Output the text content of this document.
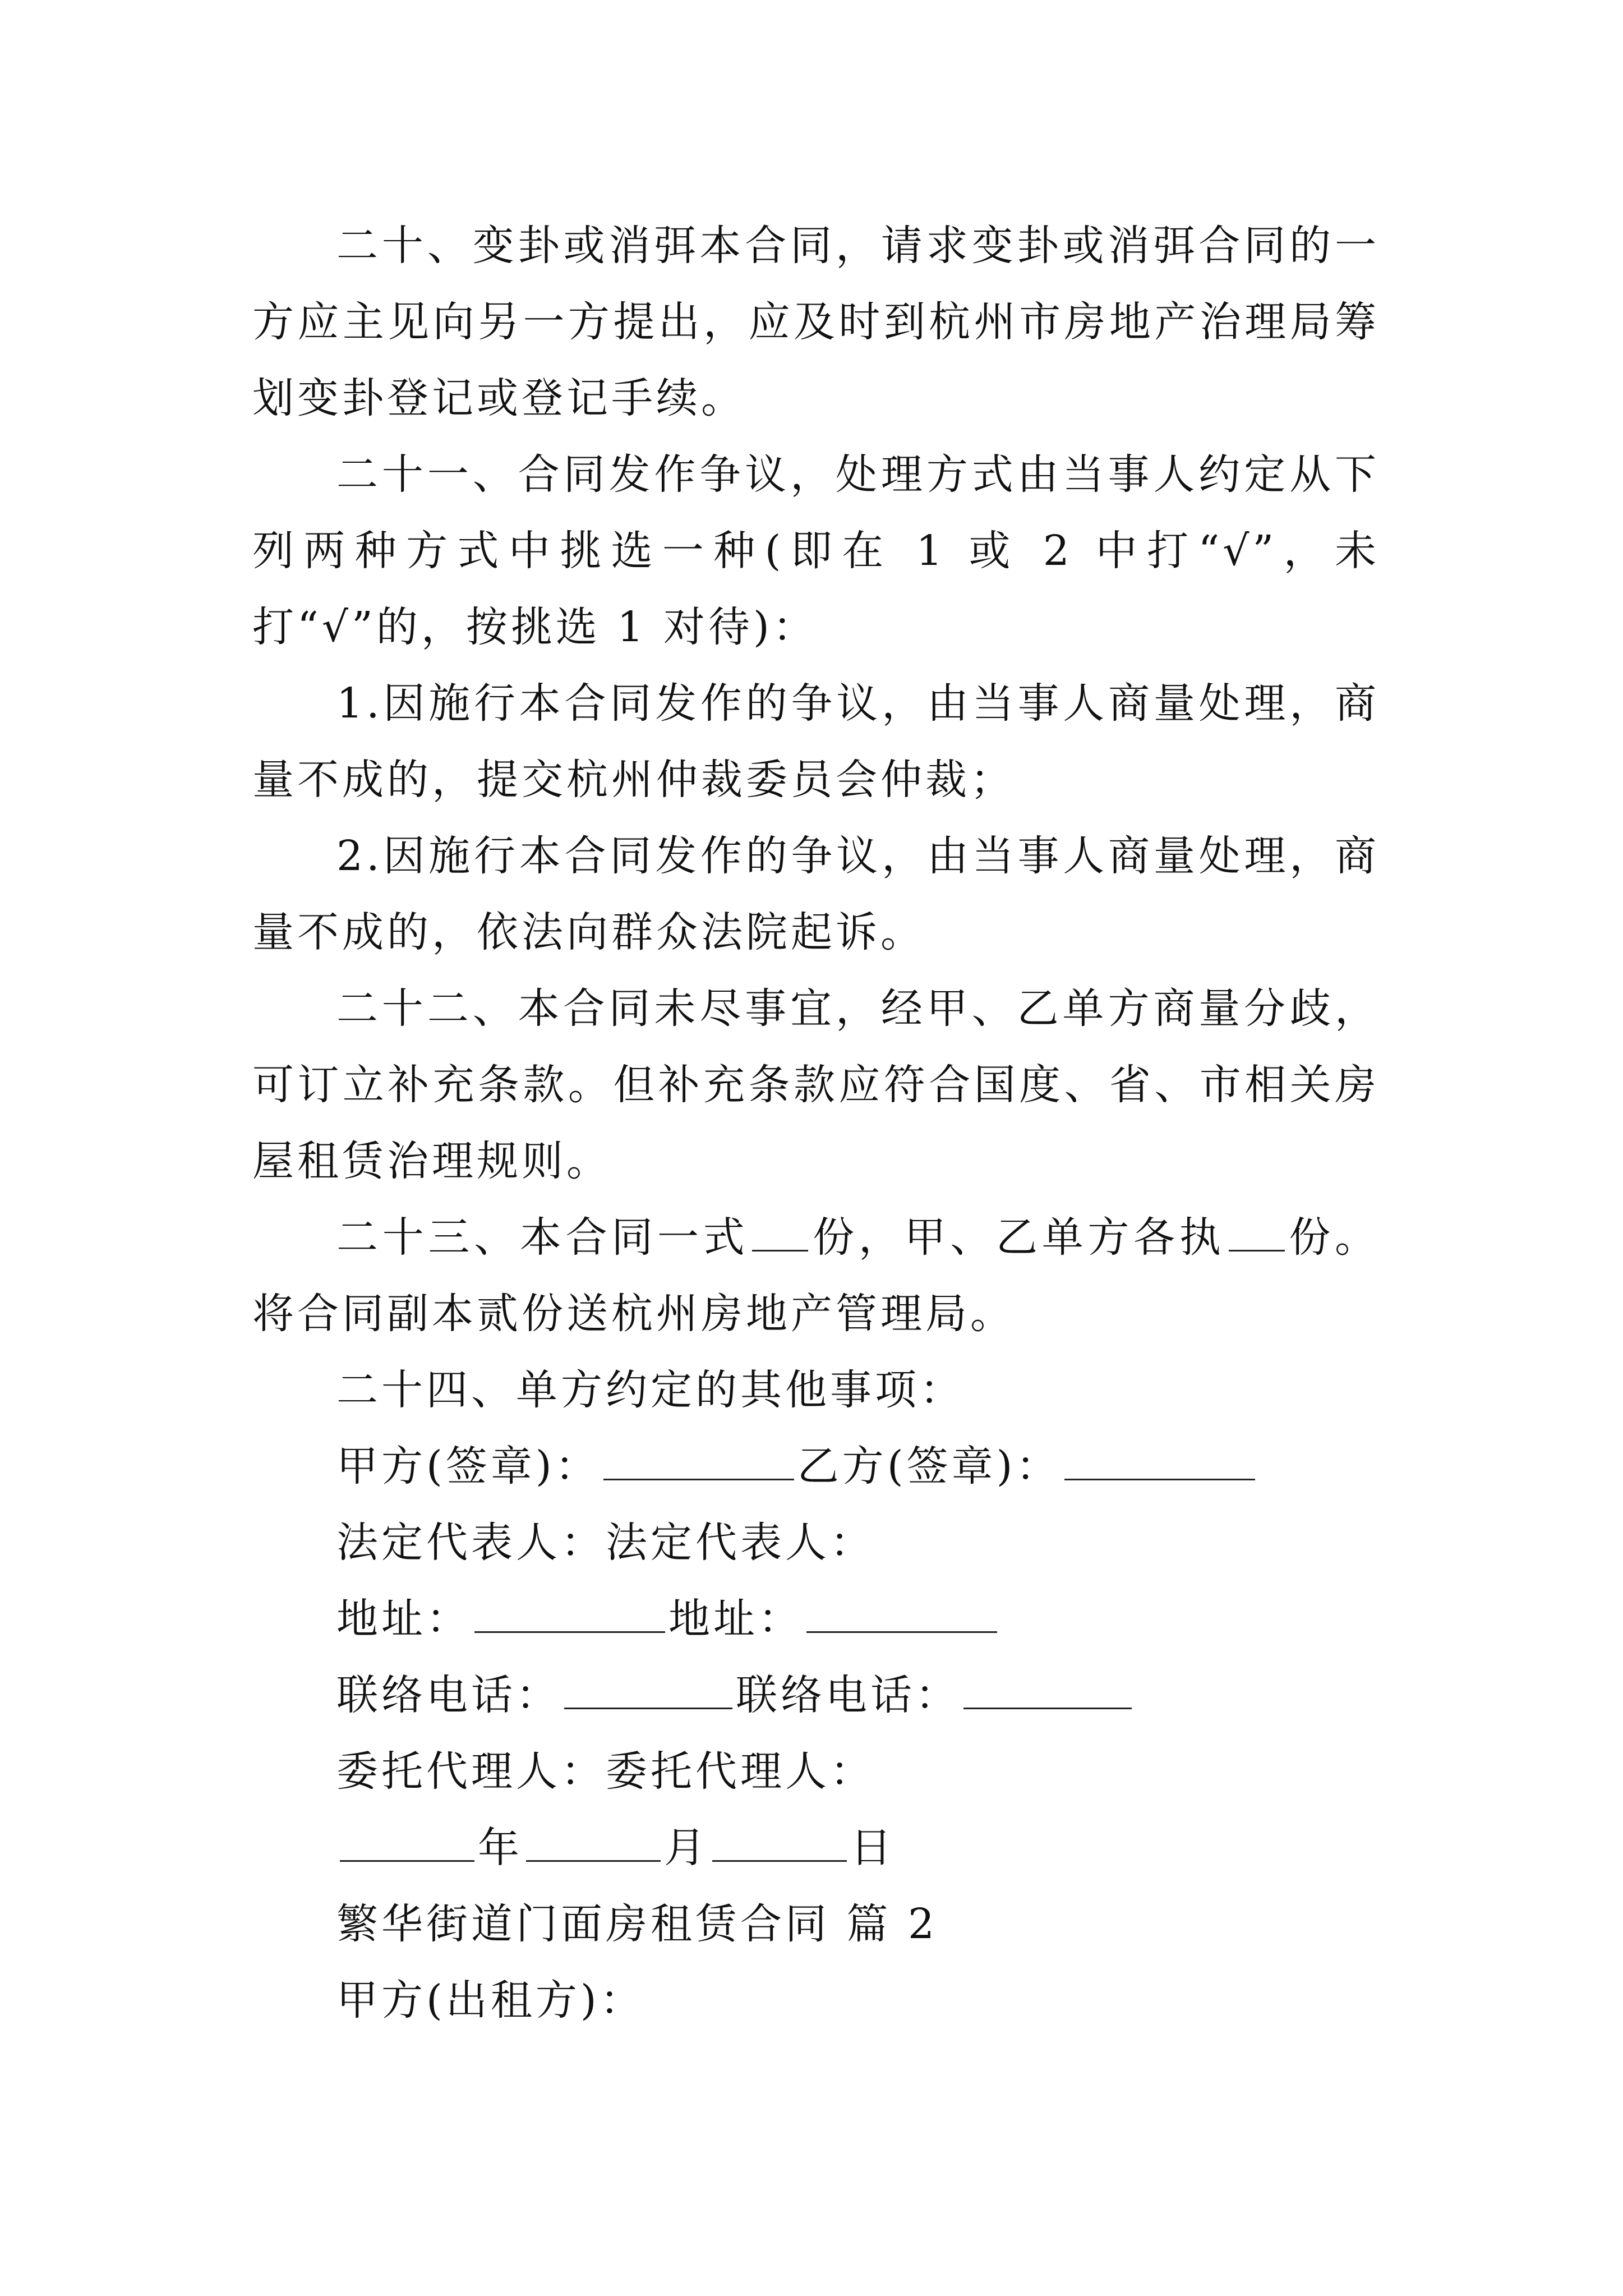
二十、变卦或消弭本合同，请求变卦或消弭合同的一方应主见向另一方提出，应及时到杭州市房地产治理局筹划变卦登记或登记手续。

二十一、合同发作争议，处理方式由当事人约定从下列两种方式中挑选一种(即在 1 或 2 中打“√”，未打“√”的，按挑选 1 对待)：

1.因施行本合同发作的争议，由当事人商量处理，商量不成的，提交杭州仲裁委员会仲裁；

2.因施行本合同发作的争议，由当事人商量处理，商量不成的，依法向群众法院起诉。

二十二、本合同未尽事宜，经甲、乙单方商量分歧，可订立补充条款。但补充条款应符合国度、省、市相关房屋租赁治理规则。

二十三、本合同一式 份，甲、乙单方各执 份。将合同副本贰份送杭州房地产管理局。

二十四、单方约定的其他事项：
甲方(签章)：	乙方(签章)：
法定代表人：法定代表人：
地址：	地址：
联络电话：	联络电话：
委托代理人：委托代理人：
年	月	日
繁华街道门面房租赁合同 篇 2
甲方(出租方)：
